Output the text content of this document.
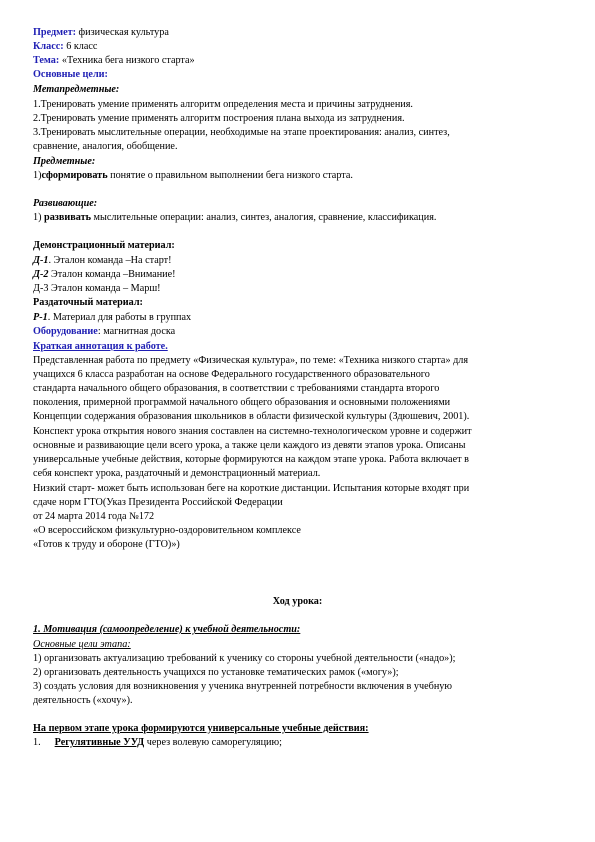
Предмет: физическая культура
Класс: 6 класс
Тема: «Техника бега низкого старта»
Основные цели:
Метапредметные:
1.Тренировать умение применять алгоритм определения места и причины затруднения.
2.Тренировать умение применять алгоритм построения плана выхода из затруднения.
3.Тренировать мыслительные операции, необходимые на этапе проектирования: анализ, синтез,
сравнение, аналогия, обобщение.
Предметные:
1)сформировать понятие о правильном выполнении бега низкого старта.
Развивающие:
1) развивать мыслительные операции: анализ, синтез, аналогия, сравнение, классификация.
Демонстрационный материал:
Д-1. Эталон команда –На старт!
Д-2 Эталон команда –Внимание!
Д-3 Эталон команда – Марш!
Раздаточный материал:
Р-1. Материал для работы в группах
Оборудование: магнитная доска
Краткая аннотация к работе.
Представленная работа по предмету «Физическая культура», по теме: «Техника низкого старта» для
учащихся 6 класса разработан на основе Федерального государственного образовательного
стандарта начального общего образования, в соответствии с требованиями стандарта второго
поколения, примерной программой начального общего образования и основными положениями
Концепции содержания образования школьников в области физической культуры (Здюшевич, 2001).
Конспект урока открытия нового знания составлен на системно-технологическом уровне и содержит
основные и развивающие цели всего урока, а также цели каждого из девяти этапов урока. Описаны
универсальные учебные действия, которые формируются на каждом этапе урока. Работа включает в
себя конспект урока, раздаточный и демонстрационный материал.
Низкий старт- может быть использован беге на короткие дистанции. Испытания которые входят при
сдаче норм ГТО(Указ Президента Российской Федерации
от 24 марта 2014 года №172
«О всероссийском физкультурно-оздоровительном комплексе
«Готов к труду и обороне (ГТО)»)
Ход урока:
1. Мотивация (самоопределение) к учебной деятельности:
Основные цели этапа:
1) организовать актуализацию требований к ученику со стороны учебной деятельности («надо»);
2) организовать деятельность учащихся по установке тематических рамок («могу»);
3) создать условия для возникновения у ученика внутренней потребности включения в учебную
деятельность («хочу»).
На первом этапе урока формируются универсальные учебные действия:
1. Регулятивные УУД через волевую саморегуляцию;
